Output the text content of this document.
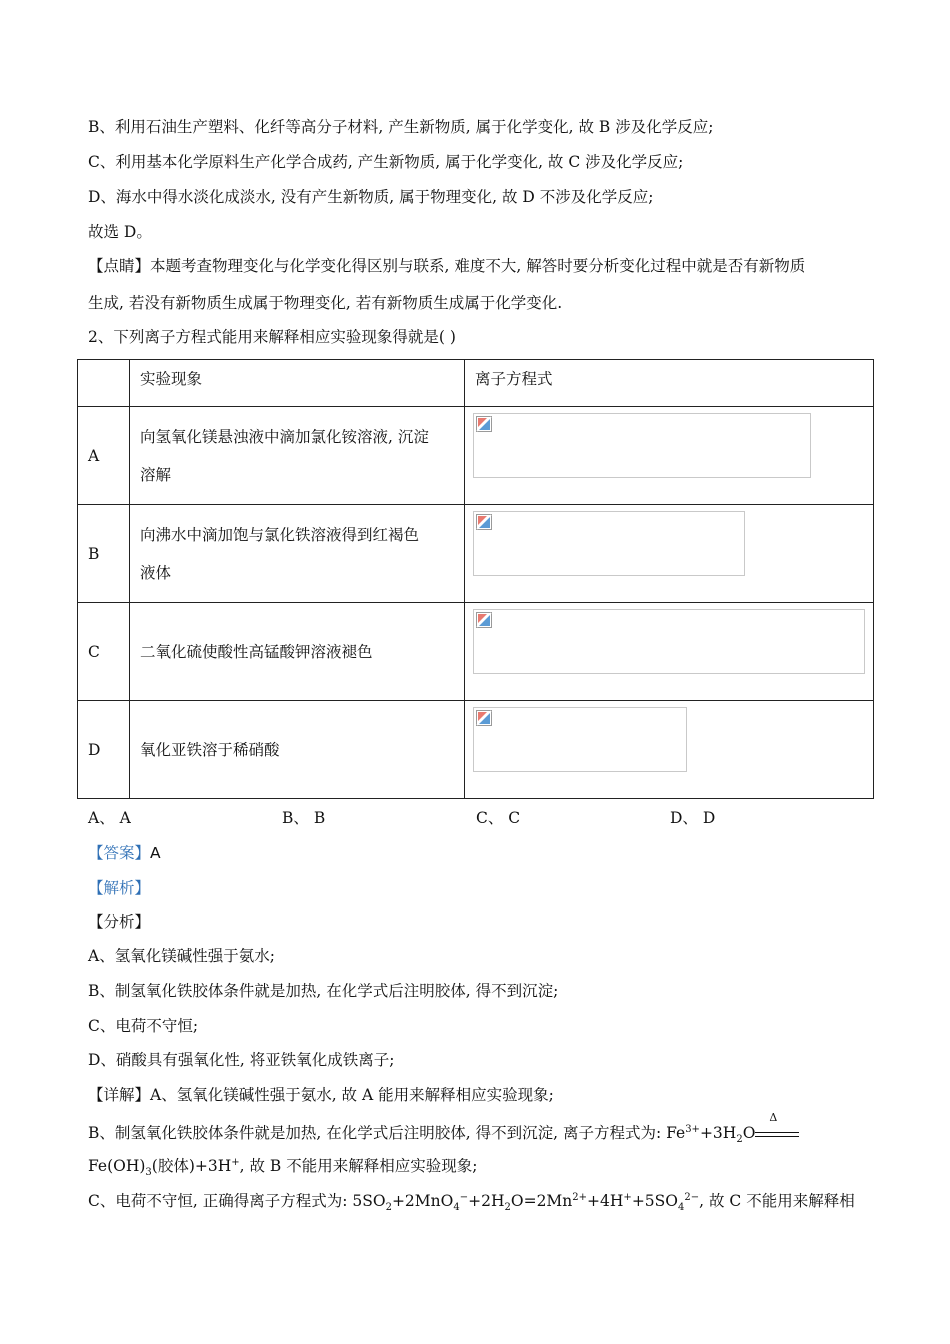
B、利用石油生产塑料、化纤等高分子材料, 产生新物质, 属于化学变化, 故 B 涉及化学反应;
C、利用基本化学原料生产化学合成药, 产生新物质, 属于化学变化, 故 C 涉及化学反应;
D、海水中得水淡化成淡水, 没有产生新物质, 属于物理变化, 故 D 不涉及化学反应;
故选 D。
【点睛】本题考查物理变化与化学变化得区别与联系, 难度不大, 解答时要分析变化过程中就是否有新物质
生成, 若没有新物质生成属于物理变化, 若有新物质生成属于化学变化.
2、下列离子方程式能用来解释相应实验现象得就是( )
	实验现象	离子方程式
A	向氢氧化镁悬浊液中滴加氯化铵溶液, 沉淀
溶解	

B	向沸水中滴加饱与氯化铁溶液得到红褐色
液体	

C	二氧化硫使酸性高锰酸钾溶液褪色	

D	氧化亚铁溶于稀硝酸	
A、 A	B、 B	C、 C	D、 D
【答案】A
【解析】
【分析】
A、氢氧化镁碱性强于氨水;
B、制氢氧化铁胶体条件就是加热, 在化学式后注明胶体, 得不到沉淀;
C、电荷不守恒;
D、硝酸具有强氧化性, 将亚铁氧化成铁离子;
【详解】A、氢氧化镁碱性强于氨水, 故 A 能用来解释相应实验现象;
B、制氢氧化铁胶体条件就是加热, 在化学式后注明胶体, 得不到沉淀, 离子方程式为: $Fe^{3+}+3H_2O$
Δ
$Fe(OH)_3$(胶体)+3H+, 故 B 不能用来解释相应实验现象;
C、电荷不守恒, 正确得离子方程式为: $5SO_2+2MnO_4^-+2H_2O=2Mn^{2+}+4H^++5SO_4^{2-}$, 故 C 不能用来解释相
